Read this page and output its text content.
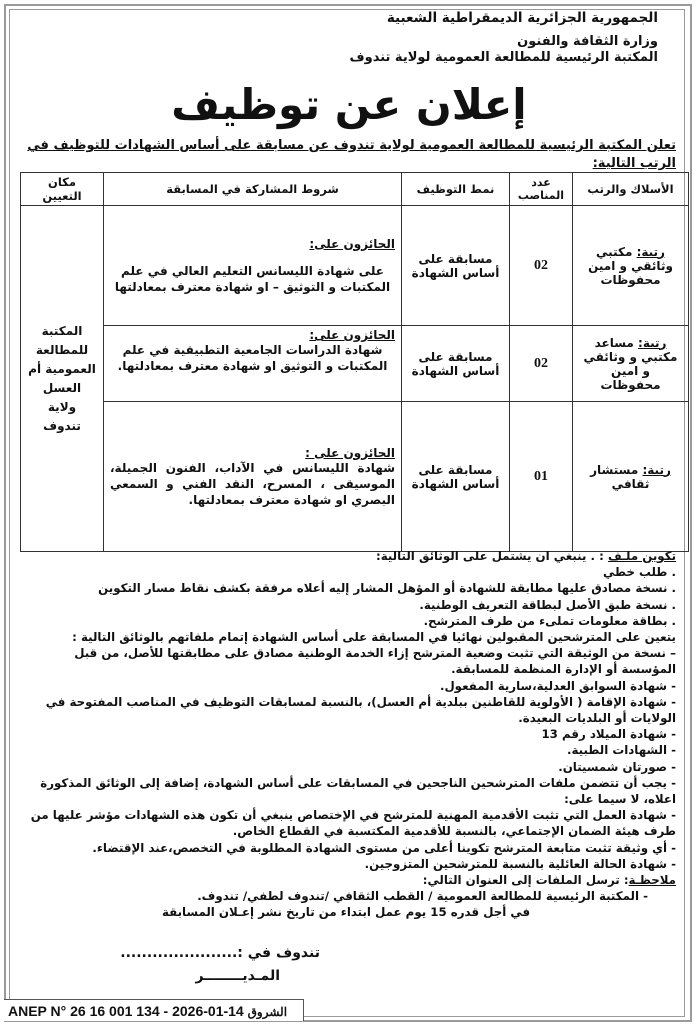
الجمهورية الجزائرية الديمقراطية الشعبية
وزارة الثقافة والفنون
المكتبة الرئيسية للمطالعة العمومية لولاية تندوف
إعلان عن توظيف
تعلن المكتبة الرئيسية للمطالعة العمومية لولاية تندوف عن مسابقة على أساس الشهادات للتوظيف في الرتب التالية:
الأسلاك والرتب	عدد المناصب	نمط التوظيف	شروط المشاركة في المسابقة	مكان التعيين
رتبة: مكتبي وثائقي و امين محفوظات	02	مسابقة على أساس الشهادة	الحائزون على:
على شهادة الليسانس التعليم العالي في علم المكتبات و التوثيق – او شهادة معترف بمعادلتها	المكتبة للمطالعة العمومية أم العسل ولاية تندوف
رتبة: مساعد مكتبي و وثائقي و امين محفوظات	02	مسابقة على أساس الشهادة	الحائزون على:
شهادة الدراسات الجامعية التطبيقية في علم المكتبات و التوثيق او شهادة معترف بمعادلتها.	

رتبة: مستشار ثقافي	01	مسابقة على أساس الشهادة	الحائزون على :
شهادة الليسانس في الآداب، الفنون الجميلة، الموسيقى ، المسرح، النقد الفني و السمعي البصري او شهادة معترف بمعادلتها.	

تكوين ملـف : . ينبغي ان يشتمل على الوثائق التالية:

. طلب خطي

. نسخة مصادق عليها مطابقة للشهادة أو المؤهل المشار إليه أعلاه مرفقة بكشف نقاط مسار التكوين

. نسخة طبق الأصل لبطاقة التعريف الوطنية.

. بطاقة معلومات تملىء من طرف المترشح.

يتعين على المترشحين المقبولين نهائيا في المسابقة على أساس الشهادة إتمام ملفاتهم بالوثائق التالية :

– نسخة من الوثيقة التي تثبت وضعية المترشح إزاء الخدمة الوطنية مصادق على مطابقتها للأصل، من قبل المؤسسة أو الإدارة المنظمة للمسابقة.

- شهادة السوابق العدلية،سارية المفعول.

- شهادة الإقامة ( الأولوية للقاطنين ببلدية أم العسل)، بالنسبة لمسابقات التوظيف في المناصب المفتوحة في الولايات أو البلديات البعيدة.

- شهادة الميلاد رقم 13

- الشهادات الطبية.

- صورتان شمسيتان.

- يجب أن تتضمن ملفات المترشحين الناجحين في المسابقات على أساس الشهادة، إضافة إلى الوثائق المذكورة اعلاه، لا سيما على:

- شهادة العمل التي تثبت الأقدمية المهنية للمترشح في الإختصاص ينبغي أن تكون هذه الشهادات مؤشر عليها من طرف هيئة الضمان الإجتماعي، بالنسبة للأقدمية المكتسبة في القطاع الخاص.

- أي وثيقة تثبت متابعة المترشح تكوينا أعلى من مستوى الشهادة المطلوبة في التخصص،عند الإقتضاء.

- شهادة الحالة العائلية بالنسبة للمترشحين المتزوجين.

ملاحظـة: ترسل الملفات إلى العنوان التالي:

- المكتبة الرئيسية للمطالعة العمومية / القطب الثقافي /تندوف لطفي/ تندوف.

في أجل قدره 15 يوم عمل ابتداء من تاريخ نشر إعـلان المسابقة

تندوف في :......................
المـديــــــــر
ANEP N° 26 16 001 134 - 2026-01-14 الشروق
